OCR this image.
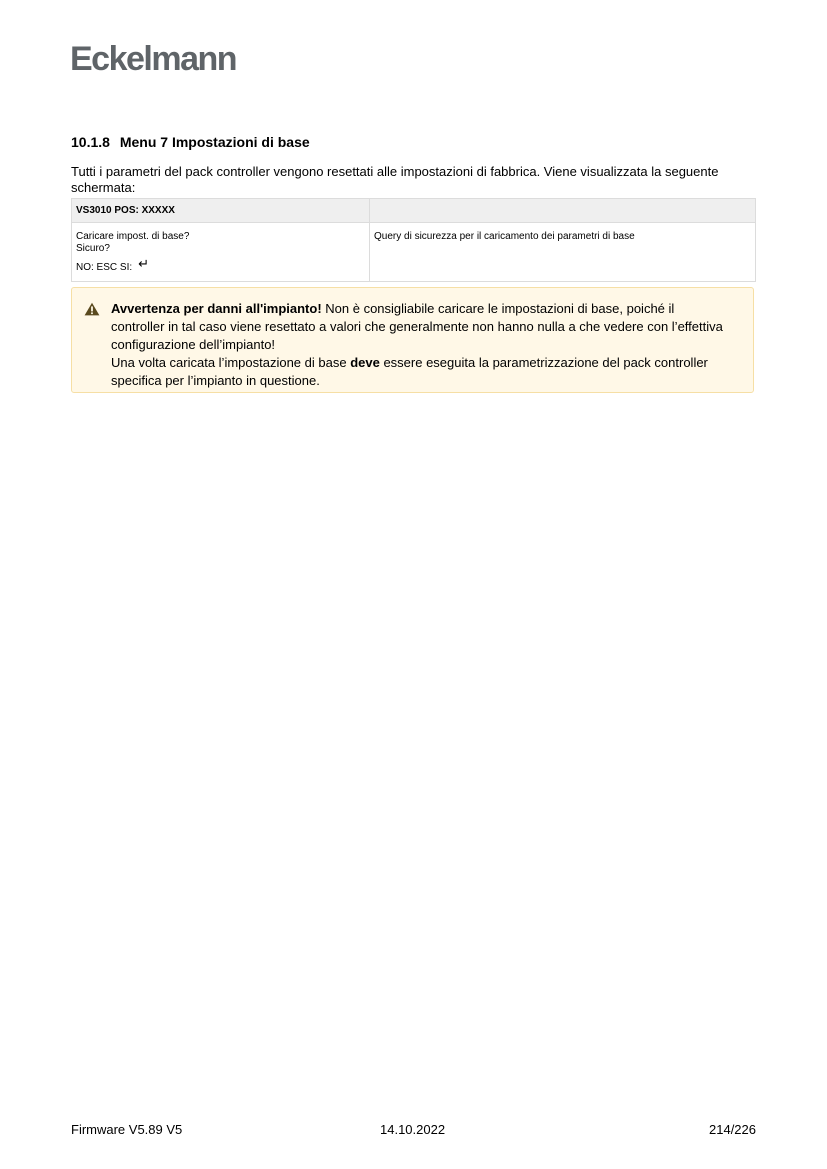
Eckelmann
10.1.8 Menu 7 Impostazioni di base
Tutti i parametri del pack controller vengono resettati alle impostazioni di fabbrica. Viene visualizzata la seguente schermata:
VS3010 POS: XXXXX	

Caricare impost. di base?
Sicuro?
NO: ESC SI: ↵	Query di sicurezza per il caricamento dei parametri di base
Avvertenza per danni all'impianto! Non è consigliabile caricare le impostazioni di base, poiché il controller in tal caso viene resettato a valori che generalmente non hanno nulla a che vedere con l’effettiva configurazione dell’impianto!
Una volta caricata l’impostazione di base deve essere eseguita la parametrizzazione del pack controller specifica per l’impianto in questione.
Firmware V5.89 V5	14.10.2022	214/226
